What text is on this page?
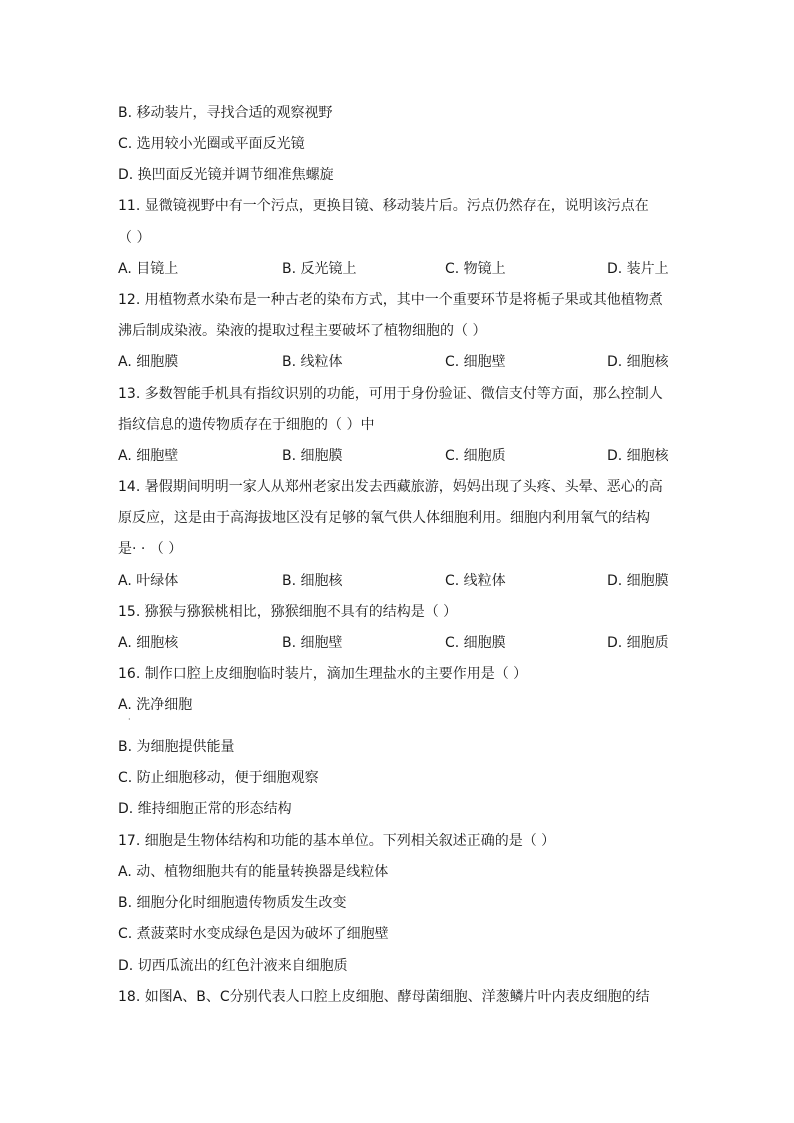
B. 移动装片，寻找合适的观察视野
C. 选用较小光圈或平面反光镜
D. 换凹面反光镜并调节细准焦螺旋
11. 显微镜视野中有一个污点，更换目镜、移动装片后。污点仍然存在，说明该污点在
（ ）
A. 目镜上	B. 反光镜上	C. 物镜上	D. 装片上
12. 用植物煮水染布是一种古老的染布方式，其中一个重要环节是将栀子果或其他植物煮
沸后制成染液。染液的提取过程主要破坏了植物细胞的（ ）
A. 细胞膜	B. 线粒体	C. 细胞壁	D. 细胞核
13. 多数智能手机具有指纹识别的功能，可用于身份验证、微信支付等方面，那么控制人
指纹信息的遗传物质存在于细胞的（ ）中
A. 细胞壁	B. 细胞膜	C. 细胞质	D. 细胞核
14. 暑假期间明明一家人从郑州老家出发去西藏旅游，妈妈出现了头疼、头晕、恶心的高
原反应，这是由于高海拔地区没有足够的氧气供人体细胞利用。细胞内利用氧气的结构
是· · （ ）
A. 叶绿体	B. 细胞核	C. 线粒体	D. 细胞膜
15. 猕猴与猕猴桃相比，猕猴细胞不具有的结构是（ ）
A. 细胞核	B. 细胞壁	C. 细胞膜	D. 细胞质
16. 制作口腔上皮细胞临时装片，滴加生理盐水的主要作用是（ ）
A. 洗净细胞
·
B. 为细胞提供能量
C. 防止细胞移动，便于细胞观察
D. 维持细胞正常的形态结构
17. 细胞是生物体结构和功能的基本单位。下列相关叙述正确的是（ ）
A. 动、植物细胞共有的能量转换器是线粒体
B. 细胞分化时细胞遗传物质发生改变
C. 煮菠菜时水变成绿色是因为破坏了细胞壁
D. 切西瓜流出的红色汁液来自细胞质
18. 如图A、B、C分别代表人口腔上皮细胞、酵母菌细胞、洋葱鳞片叶内表皮细胞的结
